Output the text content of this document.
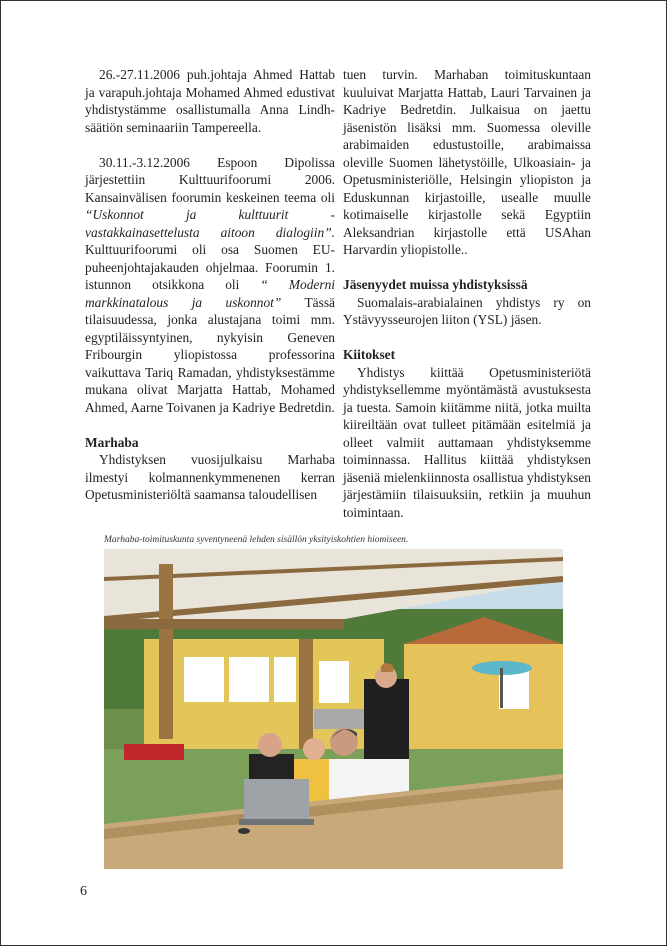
26.-27.11.2006 puh.johtaja Ahmed Hattab ja varapuh.johtaja Mohamed Ahmed edustivat yhdistystämme osallistumalla Anna Lindh-säätiön seminaariin Tampereella.

30.11.-3.12.2006 Espoon Dipolissa järjestettiin Kulttuurifoorumi 2006. Kansainvälisen foorumin keskeinen teema oli “Uskonnot ja kulttuurit - vastakkainasettelusta aitoon dialogiin”. Kulttuurifoorumi oli osa Suomen EU-puheenjohtajakauden ohjelmaa. Foorumin 1. istunnon otsikkona oli “ Moderni markkinatalous ja uskonnot” Tässä tilaisuudessa, jonka alustajana toimi mm. egyptiläissyntyinen, nykyisin Geneven Fribourgin yliopistossa professorina vaikuttava Tariq Ramadan, yhdistyksestämme mukana olivat Marjatta Hattab, Mohamed Ahmed, Aarne Toivanen ja Kadriye Bedretdin.

Marhaba

Yhdistyksen vuosijulkaisu Marhaba ilmestyi kolmannenkymmenenen kerran Opetusministeriöltä saamansa taloudellisen

tuen turvin. Marhaban toimituskuntaan kuuluivat Marjatta Hattab, Lauri Tarvainen ja Kadriye Bedretdin. Julkaisua on jaettu jäsenistön lisäksi mm. Suomessa oleville arabimaiden edustustoille, arabimaissa oleville Suomen lähetystöille, Ulkoasiain- ja Opetusministeriölle, Helsingin yliopiston ja Eduskunnan kirjastoille, usealle muulle kotimaiselle kirjastolle sekä Egyptiin Aleksandrian kirjastolle että USAhan Harvardin yliopistolle..

Jäsenyydet muissa yhdistyksissä

Suomalais-arabialainen yhdistys ry on Ystävyysseurojen liiton (YSL) jäsen.

Kiitokset

Yhdistys kiittää Opetusministeriötä yhdistyksellemme myöntämästä avustuksesta ja tuesta. Samoin kiitämme niitä, jotka muilta kiireiltään ovat tulleet pitämään esitelmiä ja olleet valmiit auttamaan yhdistyksemme toiminnassa. Hallitus kiittää yhdistyksen jäseniä mielenkiinnosta osallistua yhdistyksen järjestämiin tilaisuuksiin, retkiin ja muuhun toimintaan.

Marhaba-toimituskunta syventyneenä lehden sisällön yksityiskohtien hiomiseen.
6
